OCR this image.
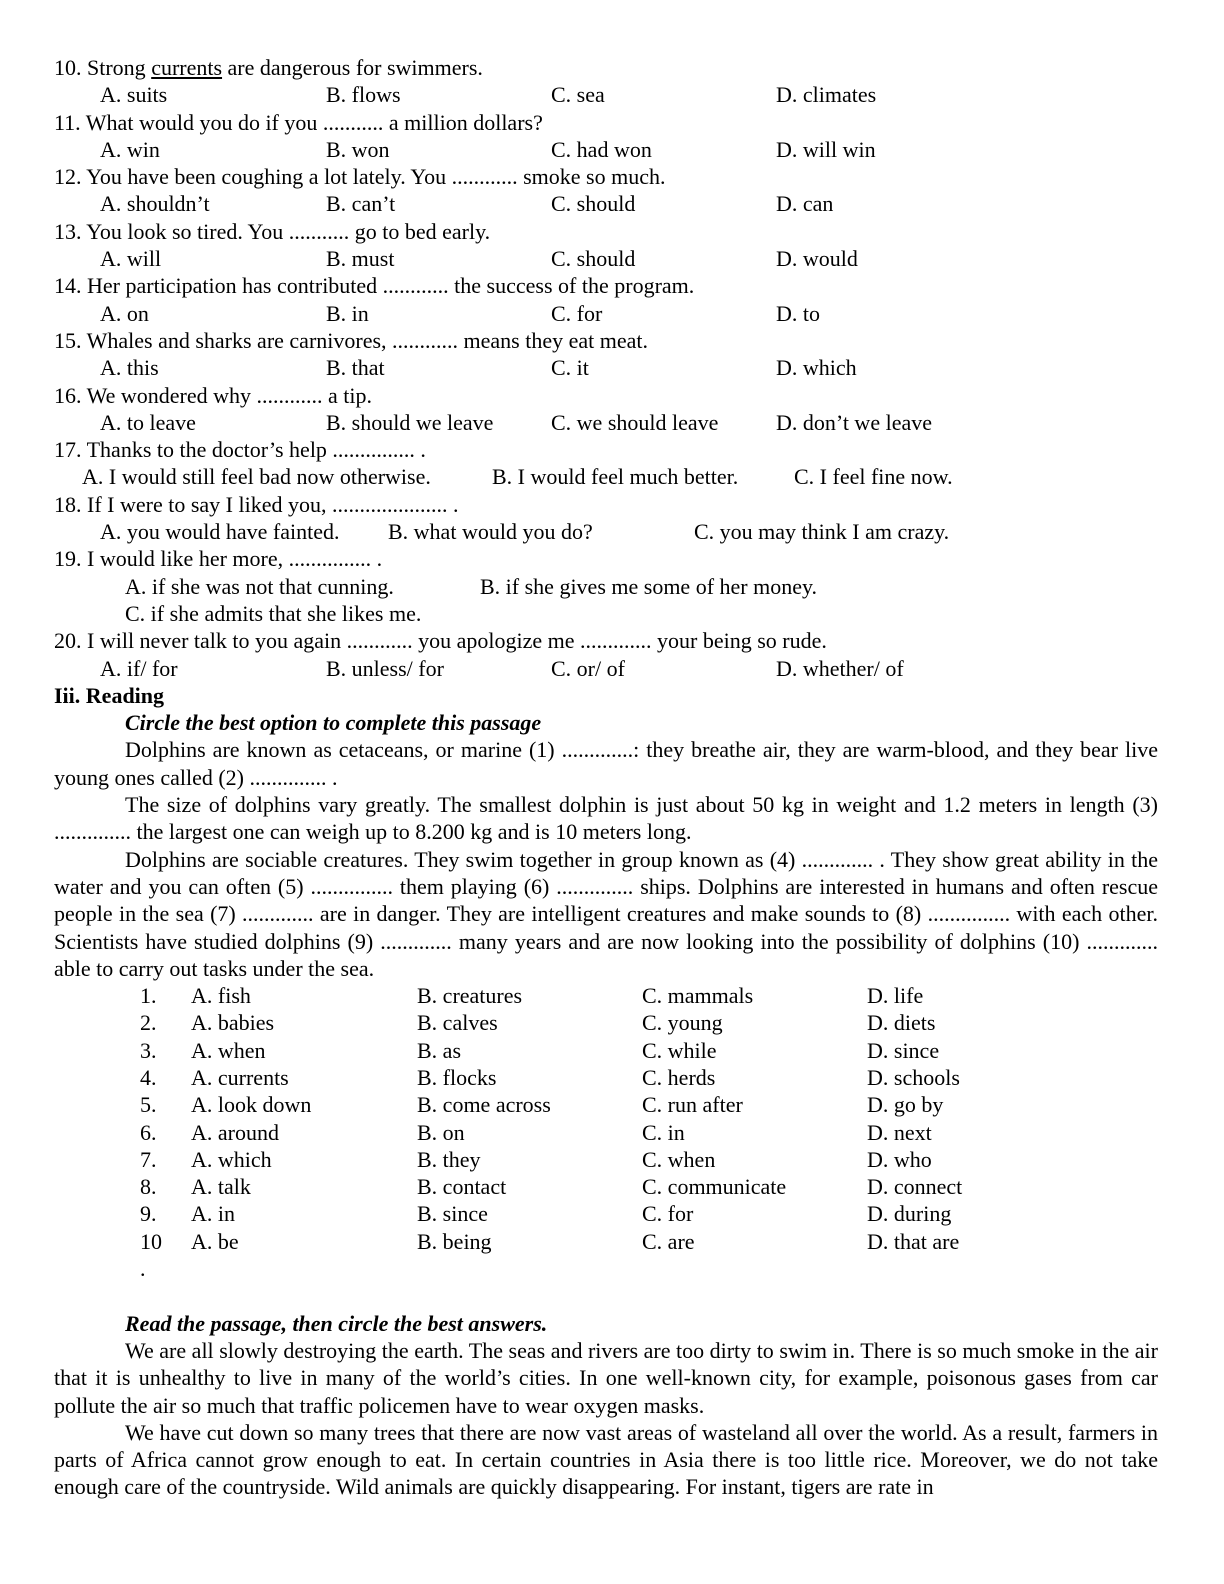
10. Strong currents are dangerous for swimmers.
A. suits	B. flows	C. sea	D. climates
11. What would you do if you ........... a million dollars?
A. win	B. won	C. had won	D. will win
12. You have been coughing a lot lately. You ............ smoke so much.
A. shouldn’t	B. can’t	C. should	D. can
13. You look so tired. You ........... go to bed early.
A. will	B. must	C. should	D. would
14. Her participation has contributed ............ the success of the program.
A. on	B. in	C. for	D. to
15. Whales and sharks are carnivores, ............ means they eat meat.
A. this	B. that	C. it	D. which
16. We wondered why ............ a tip.
A. to leave	B. should we leave	C. we should leave	D. don’t we leave
17. Thanks to the doctor’s help ............... .
A. I would still feel bad now otherwise.	B. I would feel much better.	C. I feel fine now.
18. If I were to say I liked you, ..................... .
A. you would have fainted. B. what would you do?	C. you may think I am crazy.
19. I would like her more, ............... .
A. if she was not that cunning.	B. if she gives me some of her money.
C. if she admits that she likes me.
20. I will never talk to you again ............ you apologize me ............. your being so rude.
A. if/ for	B. unless/ for	C. or/ of	D. whether/ of
Iii. Reading
Circle the best option to complete this passage

Dolphins are known as cetaceans, or marine (1) .............: they breathe air, they are warm-blood, and they bear live young ones called (2) .............. .

The size of dolphins vary greatly. The smallest dolphin is just about 50 kg in weight and 1.2 meters in length (3) .............. the largest one can weigh up to 8.200 kg and is 10 meters long.

Dolphins are sociable creatures. They swim together in group known as (4) ............. . They show great ability in the water and you can often (5) ............... them playing (6) .............. ships. Dolphins are interested in humans and often rescue people in the sea (7) ............. are in danger. They are intelligent creatures and make sounds to (8) ............... with each other. Scientists have studied dolphins (9) ............. many years and are now looking into the possibility of dolphins (10) ............. able to carry out tasks under the sea.

1. A. fish	B. creatures	C. mammals	D. life
2. A. babies	B. calves	C. young	D. diets
3. A. when	B. as	C. while	D. since
4. A. currents	B. flocks	C. herds	D. schools
5. A. look down	B. come across	C. run after	D. go by
6. A. around	B. on	C. in	D. next
7. A. which	B. they	C. when	D. who
8. A. talk	B. contact	C. communicate	D. connect
9. A. in	B. since	C. for	D. during
10 A. be	B. being	C. are	D. that are
.
Read the passage, then circle the best answers.

We are all slowly destroying the earth. The seas and rivers are too dirty to swim in. There is so much smoke in the air that it is unhealthy to live in many of the world’s cities. In one well-known city, for example, poisonous gases from car pollute the air so much that traffic policemen have to wear oxygen masks.

We have cut down so many trees that there are now vast areas of wasteland all over the world. As a result, farmers in parts of Africa cannot grow enough to eat. In certain countries in Asia there is too little rice. Moreover, we do not take enough care of the countryside. Wild animals are quickly disappearing. For instant, tigers are rate in
